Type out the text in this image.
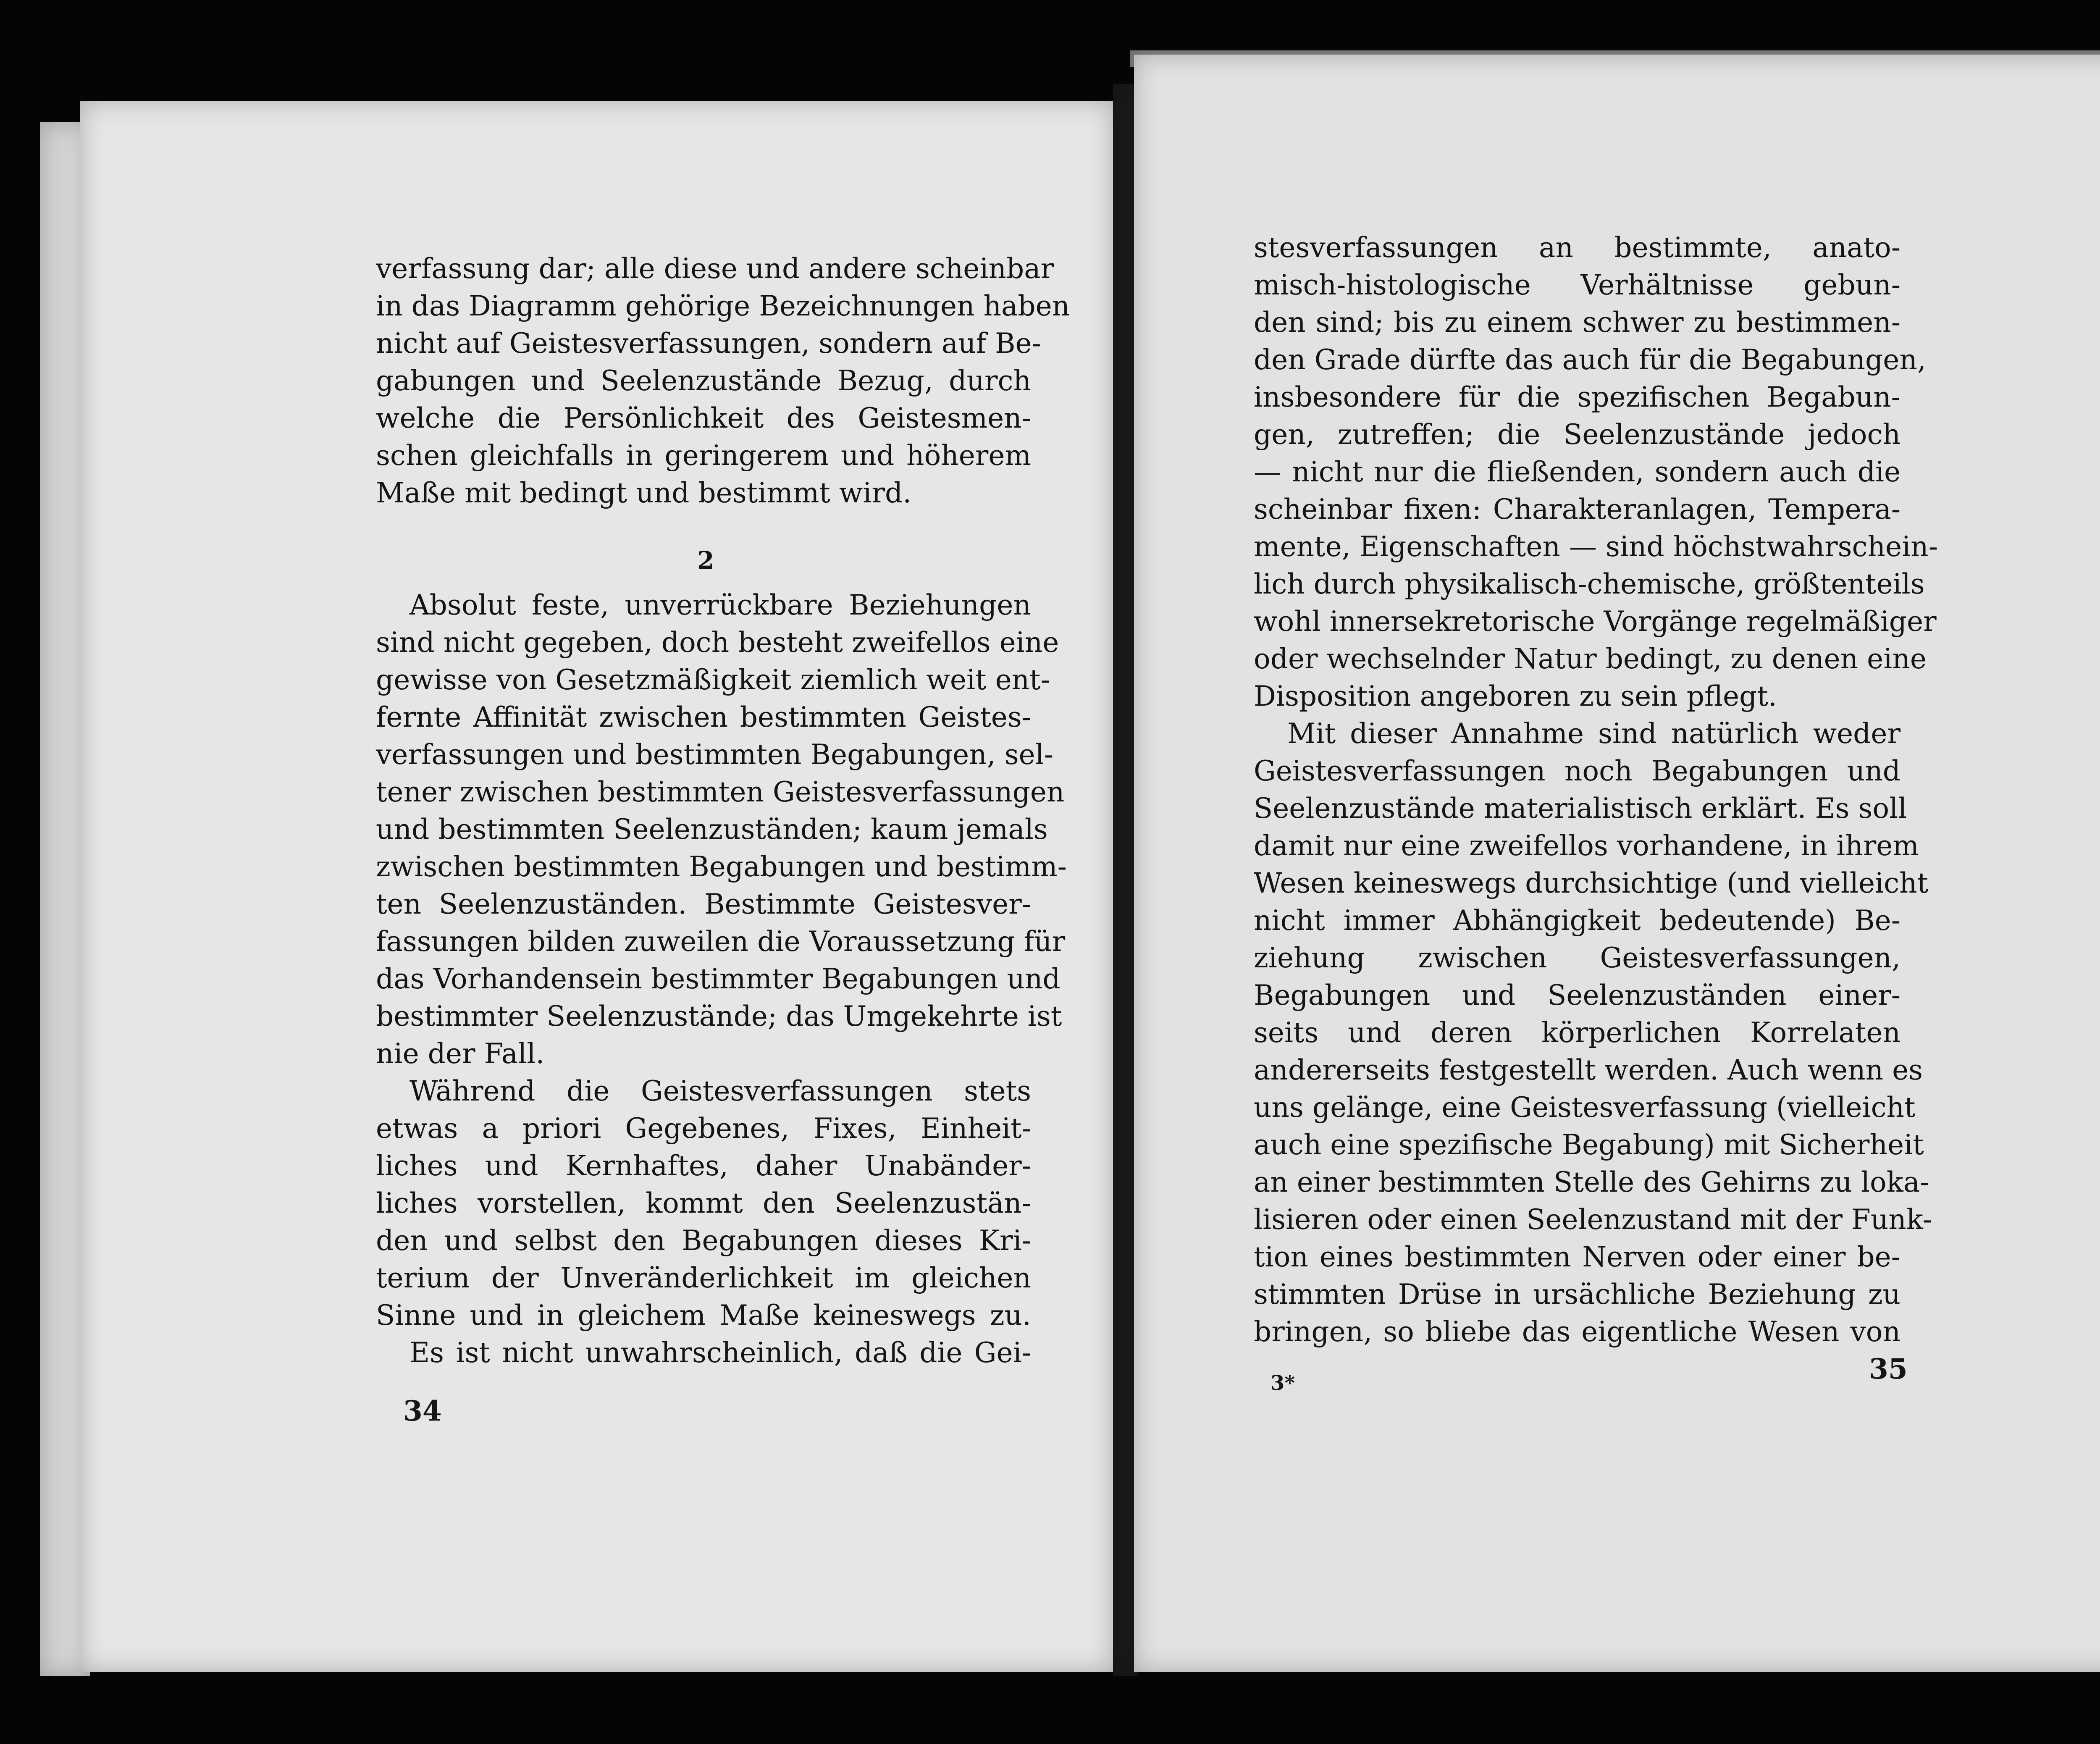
verfassung dar; alle diese und andere scheinbar
in das Diagramm gehörige Bezeichnungen haben
nicht auf Geistesverfassungen, sondern auf Be-
gabungen und Seelenzustände Bezug, durch
welche die Persönlichkeit des Geistesmen-
schen gleichfalls in geringerem und höherem
Maße mit bedingt und bestimmt wird.
Absolut feste, unverrückbare Beziehungen
sind nicht gegeben, doch besteht zweifellos eine
gewisse von Gesetzmäßigkeit ziemlich weit ent-
fernte Affinität zwischen bestimmten Geistes-
verfassungen und bestimmten Begabungen, sel-
tener zwischen bestimmten Geistesverfassungen
und bestimmten Seelenzuständen; kaum jemals
zwischen bestimmten Begabungen und bestimm-
ten Seelenzuständen. Bestimmte Geistesver-
fassungen bilden zuweilen die Voraussetzung für
das Vorhandensein bestimmter Begabungen und
bestimmter Seelenzustände; das Umgekehrte ist
nie der Fall.
Während die Geistesverfassungen stets
etwas a priori Gegebenes, Fixes, Einheit-
liches und Kernhaftes, daher Unabänder-
liches vorstellen, kommt den Seelenzustän-
den und selbst den Begabungen dieses Kri-
terium der Unveränderlichkeit im gleichen
Sinne und in gleichem Maße keineswegs zu.
Es ist nicht unwahrscheinlich, daß die Gei-
2
34
stesverfassungen an bestimmte, anato-
misch-histologische Verhältnisse gebun-
den sind; bis zu einem schwer zu bestimmen-
den Grade dürfte das auch für die Begabungen,
insbesondere für die spezifischen Begabun-
gen, zutreffen; die Seelenzustände jedoch
— nicht nur die fließenden, sondern auch die
scheinbar fixen: Charakteranlagen, Tempera-
mente, Eigenschaften — sind höchstwahrschein-
lich durch physikalisch-chemische, größtenteils
wohl innersekretorische Vorgänge regelmäßiger
oder wechselnder Natur bedingt, zu denen eine
Disposition angeboren zu sein pflegt.
Mit dieser Annahme sind natürlich weder
Geistesverfassungen noch Begabungen und
Seelenzustände materialistisch erklärt. Es soll
damit nur eine zweifellos vorhandene, in ihrem
Wesen keineswegs durchsichtige (und vielleicht
nicht immer Abhängigkeit bedeutende) Be-
ziehung zwischen Geistesverfassungen,
Begabungen und Seelenzuständen einer-
seits und deren körperlichen Korrelaten
andererseits festgestellt werden. Auch wenn es
uns gelänge, eine Geistesverfassung (vielleicht
auch eine spezifische Begabung) mit Sicherheit
an einer bestimmten Stelle des Gehirns zu loka-
lisieren oder einen Seelenzustand mit der Funk-
tion eines bestimmten Nerven oder einer be-
stimmten Drüse in ursächliche Beziehung zu
bringen, so bliebe das eigentliche Wesen von
3*	35
